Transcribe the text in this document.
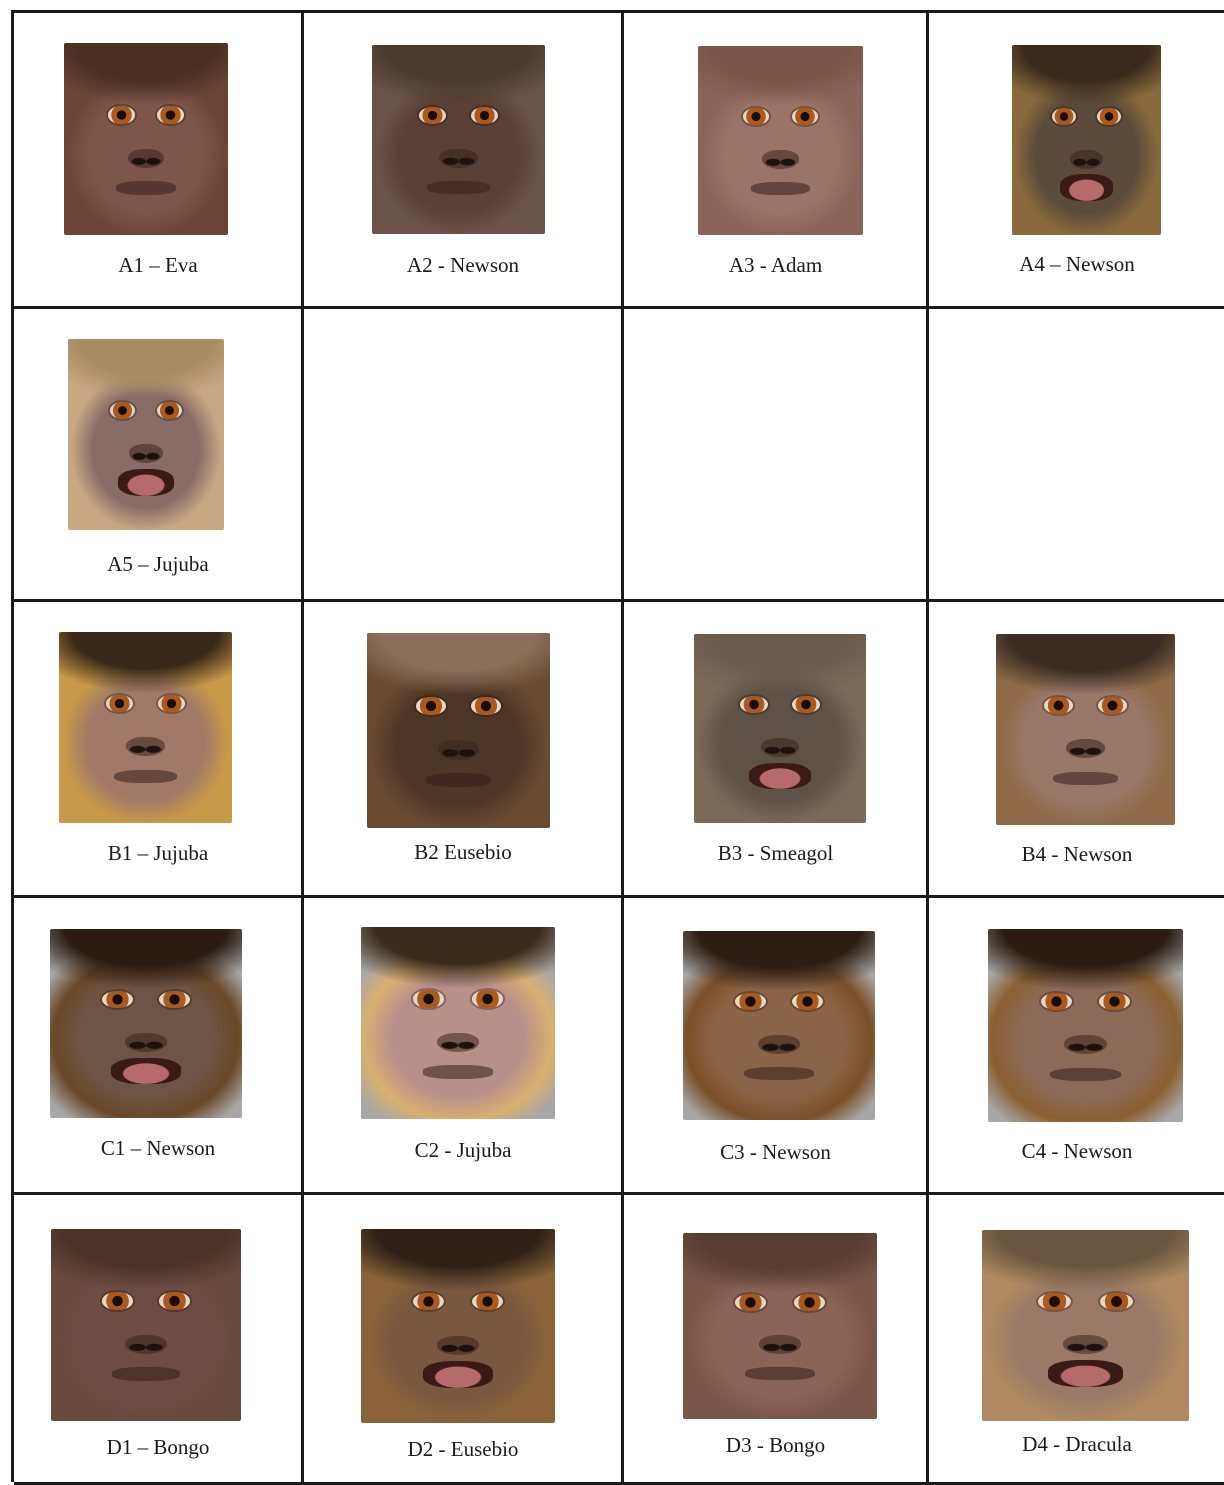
A1 – Eva	A2 - Newson	A3 - Adam	A4 – Newson
A5 – Jujuba
B1 – Jujuba	B2 Eusebio	B3 - Smeagol	B4 - Newson
C1 – Newson	C2 - Jujuba	C3 - Newson	C4 - Newson
D1 – Bongo	D2 - Eusebio	D3 - Bongo	D4 - Dracula
